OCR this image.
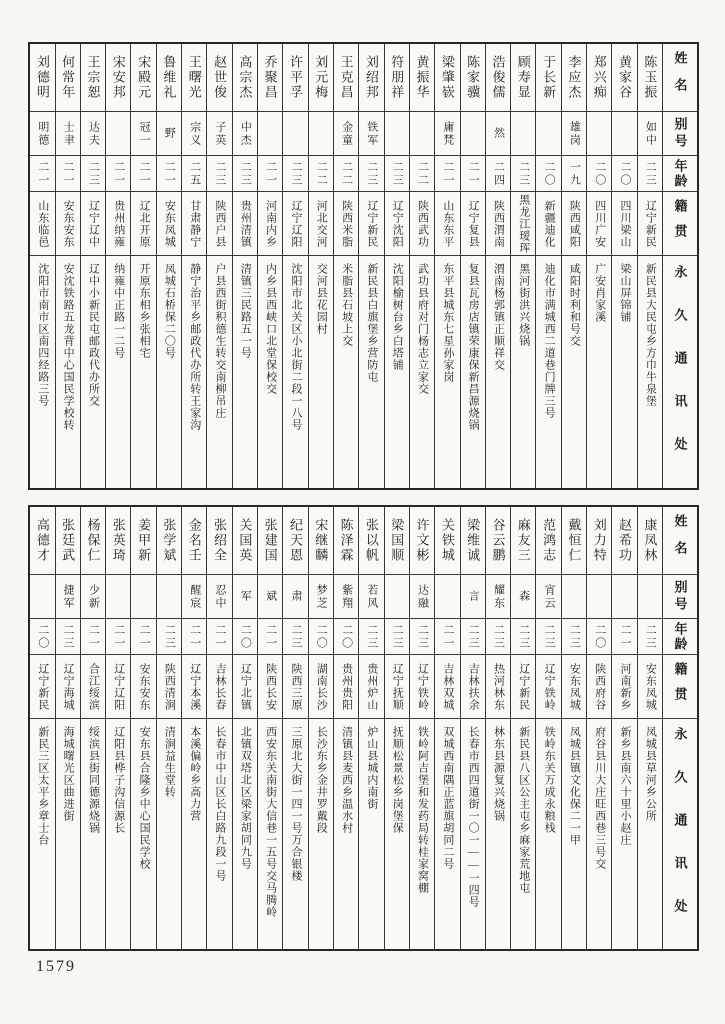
姓名
别号
年龄
籍贯
永久通讯处
陈玉振
如中
二三
辽宁新民
新民县大民屯乡方巾牛泉堡
黄家谷
二〇
四川梁山
梁山屏锦铺
郑兴痴
二〇
四川广安
广安肖家溪
李应杰
雄岗
一九
陕西咸阳
咸阳时利和号交
于长新
二〇
新疆迪化
迪化市满城西二道巷门牌三号
顾寿显
二三
黑龙江瑷珲
黑河街洪兴烧锅
浩俊儒
然
二四
陕西渭南
渭南杨郭镇正顺祥交
陈家骥
二一
辽宁复县
复县瓦房店镇荣康保新昌源烧锅
梁肇嵚
庸梵
二一
山东东平
东平县城东七星孙家岗
黄振华
二二
陕西武功
武功县府对门杨志立家交
符朋祥
二三
辽宁沈阳
沈阳榆树台乡白塔铺
刘绍邦
铁军
二三
辽宁新民
新民县白旗堡乡营防屯
王克昌
金童
二二
陕西米脂
米脂县石坡上交
刘元梅
二二
河北交河
交河县花园村
许平孚
二三
辽宁辽阳
沈阳市北关区小北街二段一八号
乔聚昌
二一
河南内乡
内乡县西峡口北堂保校交
高宗杰
中杰
二三
贵州清镇
清镇三民路五一号
赵世俊
子英
二三
陕西户县
户县西街积德生转交南柳吊庄
王曙光
宗义
二五
甘肃静宁
静宁治平乡邮政代办所转王家沟
鲁维礼
野
二一
安东凤城
凤城石桥保二〇号
宋殿元
冠一
二一
辽北开原
开原东相乡张相宅
宋安邦
二一
贵州纳雍
纳雍中正路一二号
王宗恕
达夫
二三
辽宁辽中
辽中小新民屯邮政代办所交
何常年
士聿
二一
安东安东
安沈铁路五龙背中心国民学校转
刘德明
明德
二一
山东临邑
沈阳市南市区南四经路三号
姓名
别号
年龄
籍贯
永久通讯处
康凤林
二三
安东凤城
凤城县草河乡公所
赵希功
二一
河南新乡
新乡县南六十里小赵庄
刘力特
二〇
陕西府谷
府谷县川大庄旺西巷三号交
戴恒仁
二三
安东凤城
凤城县镇文化保二一甲
范鸿志
宵云
二三
辽宁铁岭
铁岭东关万成永粮栈
麻友三
森
二三
辽宁新民
新民县八区公主屯乡麻家荒地屯
谷云鹏
耀东
二三
热河林东
林东县源复兴烧锅
梁维诚
言
二三
吉林扶余
长春市西四道街一〇一——一四号
关铁城
二一
吉林双城
双城西南隅正蓝旗胡同二号
许文彬
达融
二三
辽宁铁岭
铁岭阿吉堡和发药局转桂家窝棚
梁国顺
二三
辽宁抚顺
抚顺松景松乡岗堡保
张以帆
若风
二三
贵州炉山
炉山县城内南街
陈泽霖
紫翔
二〇
贵州贵阳
清镇县麦西乡温水村
宋继麟
梦芝
二〇
湖南长沙
长沙东乡金井罗戴段
纪天恩
肃
二三
陕西三原
三原北大街一四一号万合银楼
张建国
斌
二一
陕西长安
西安东关南街大信巷一五号交马腾岭
关国英
军
二〇
辽宁北镇
北镇双塔北区梁家胡同九号
张绍全
忍中
二一
吉林长春
长春市中山区长白路九段一号
金名壬
醒宸
二一
辽宁本溪
本溪偏岭乡高力营
张学斌
二三
陕西清涧
清涧益生堂转
姜甲新
二一
安东安东
安东县合隆乡中心国民学校
张英琦
二一
辽宁辽阳
辽阳县桦子沟信源长
杨保仁
少新
二一
合江绥滨
绥滨县街同德源烧锅
张廷武
捷军
二三
辽宁海城
海城曙光区曲进街
高德才
二〇
辽宁新民
新民三区太平乡章士台
1579
